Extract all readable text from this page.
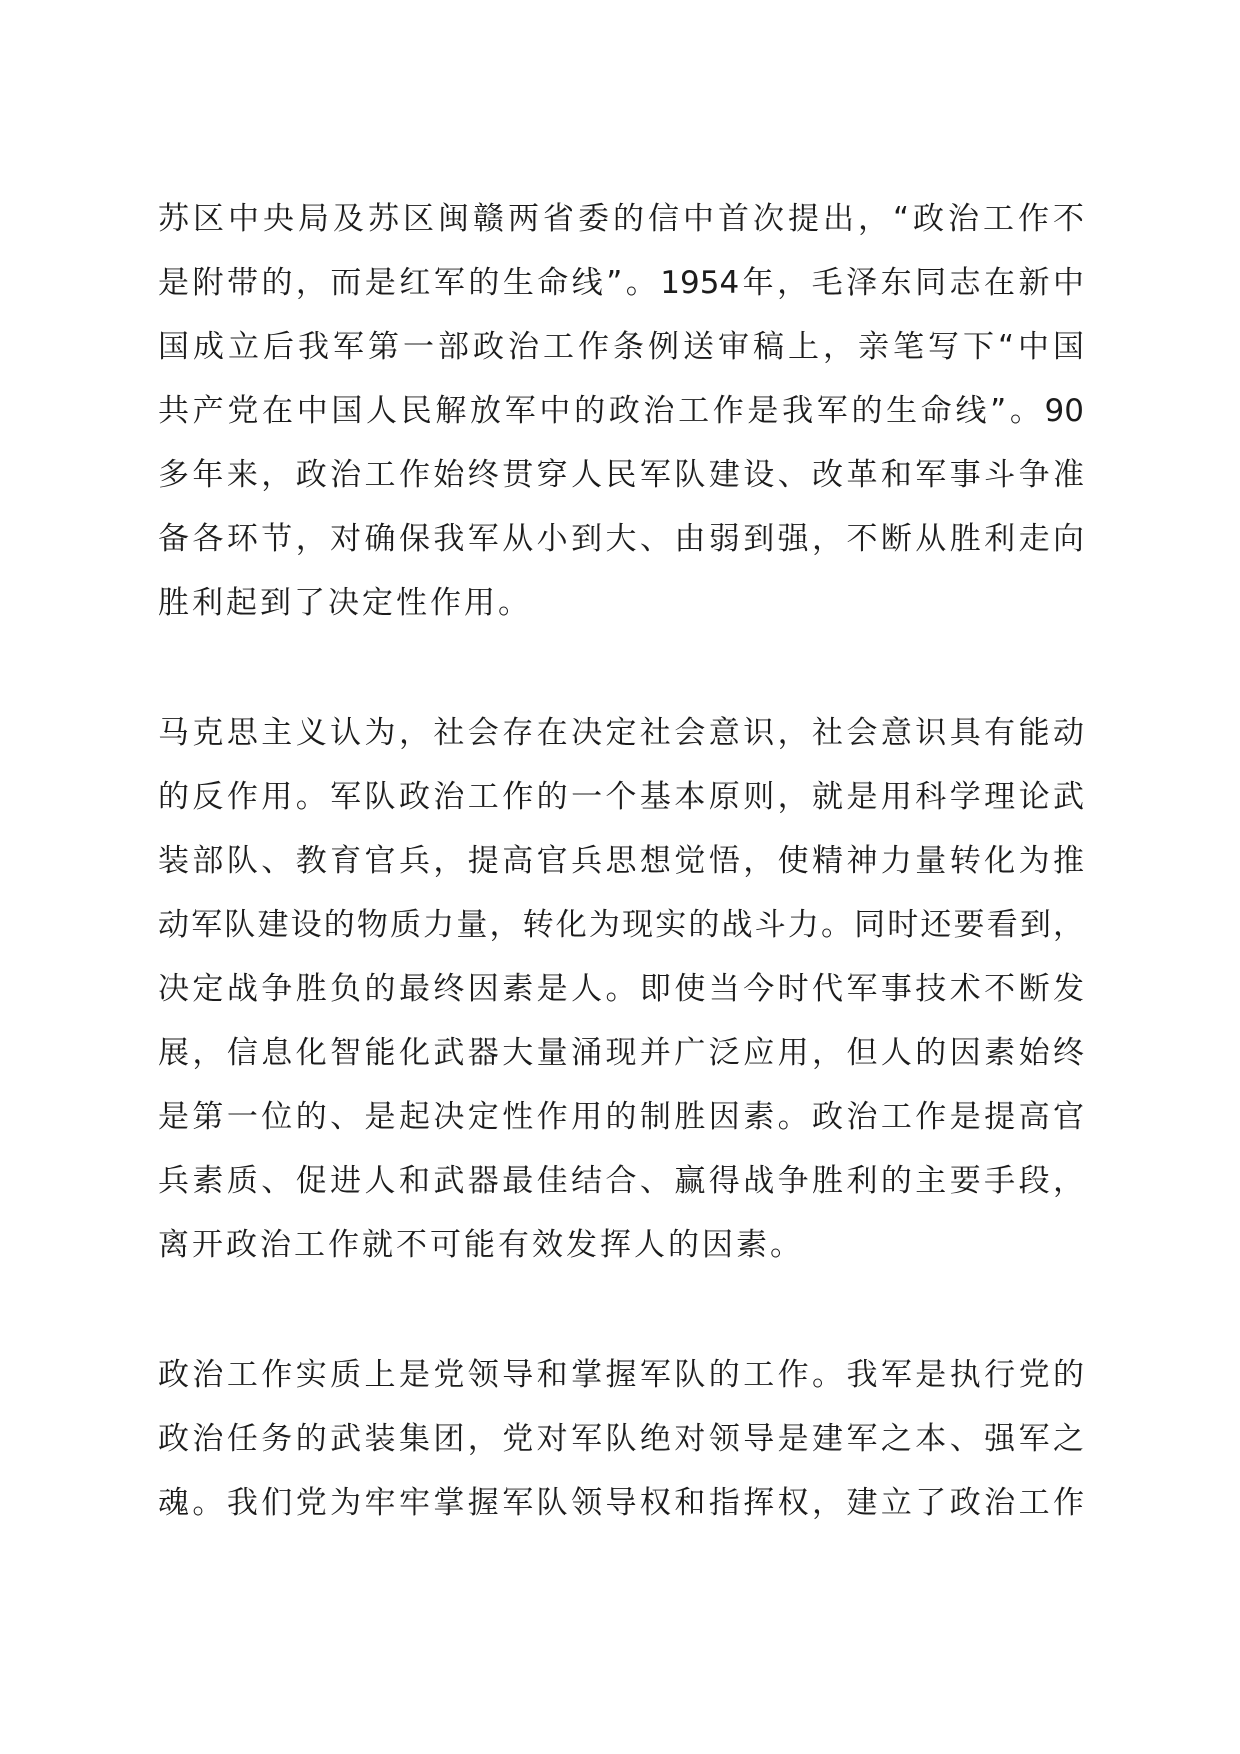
苏区中央局及苏区闽赣两省委的信中首次提出，“政治工作不
是附带的，而是红军的生命线”。1954年，毛泽东同志在新中
国成立后我军第一部政治工作条例送审稿上，亲笔写下“中国
共产党在中国人民解放军中的政治工作是我军的生命线”。90
多年来，政治工作始终贯穿人民军队建设、改革和军事斗争准
备各环节，对确保我军从小到大、由弱到强，不断从胜利走向
胜利起到了决定性作用。
马克思主义认为，社会存在决定社会意识，社会意识具有能动
的反作用。军队政治工作的一个基本原则，就是用科学理论武
装部队、教育官兵，提高官兵思想觉悟，使精神力量转化为推
动军队建设的物质力量，转化为现实的战斗力。同时还要看到，
决定战争胜负的最终因素是人。即使当今时代军事技术不断发
展，信息化智能化武器大量涌现并广泛应用，但人的因素始终
是第一位的、是起决定性作用的制胜因素。政治工作是提高官
兵素质、促进人和武器最佳结合、赢得战争胜利的主要手段，
离开政治工作就不可能有效发挥人的因素。
政治工作实质上是党领导和掌握军队的工作。我军是执行党的
政治任务的武装集团，党对军队绝对领导是建军之本、强军之
魂。我们党为牢牢掌握军队领导权和指挥权，建立了政治工作
